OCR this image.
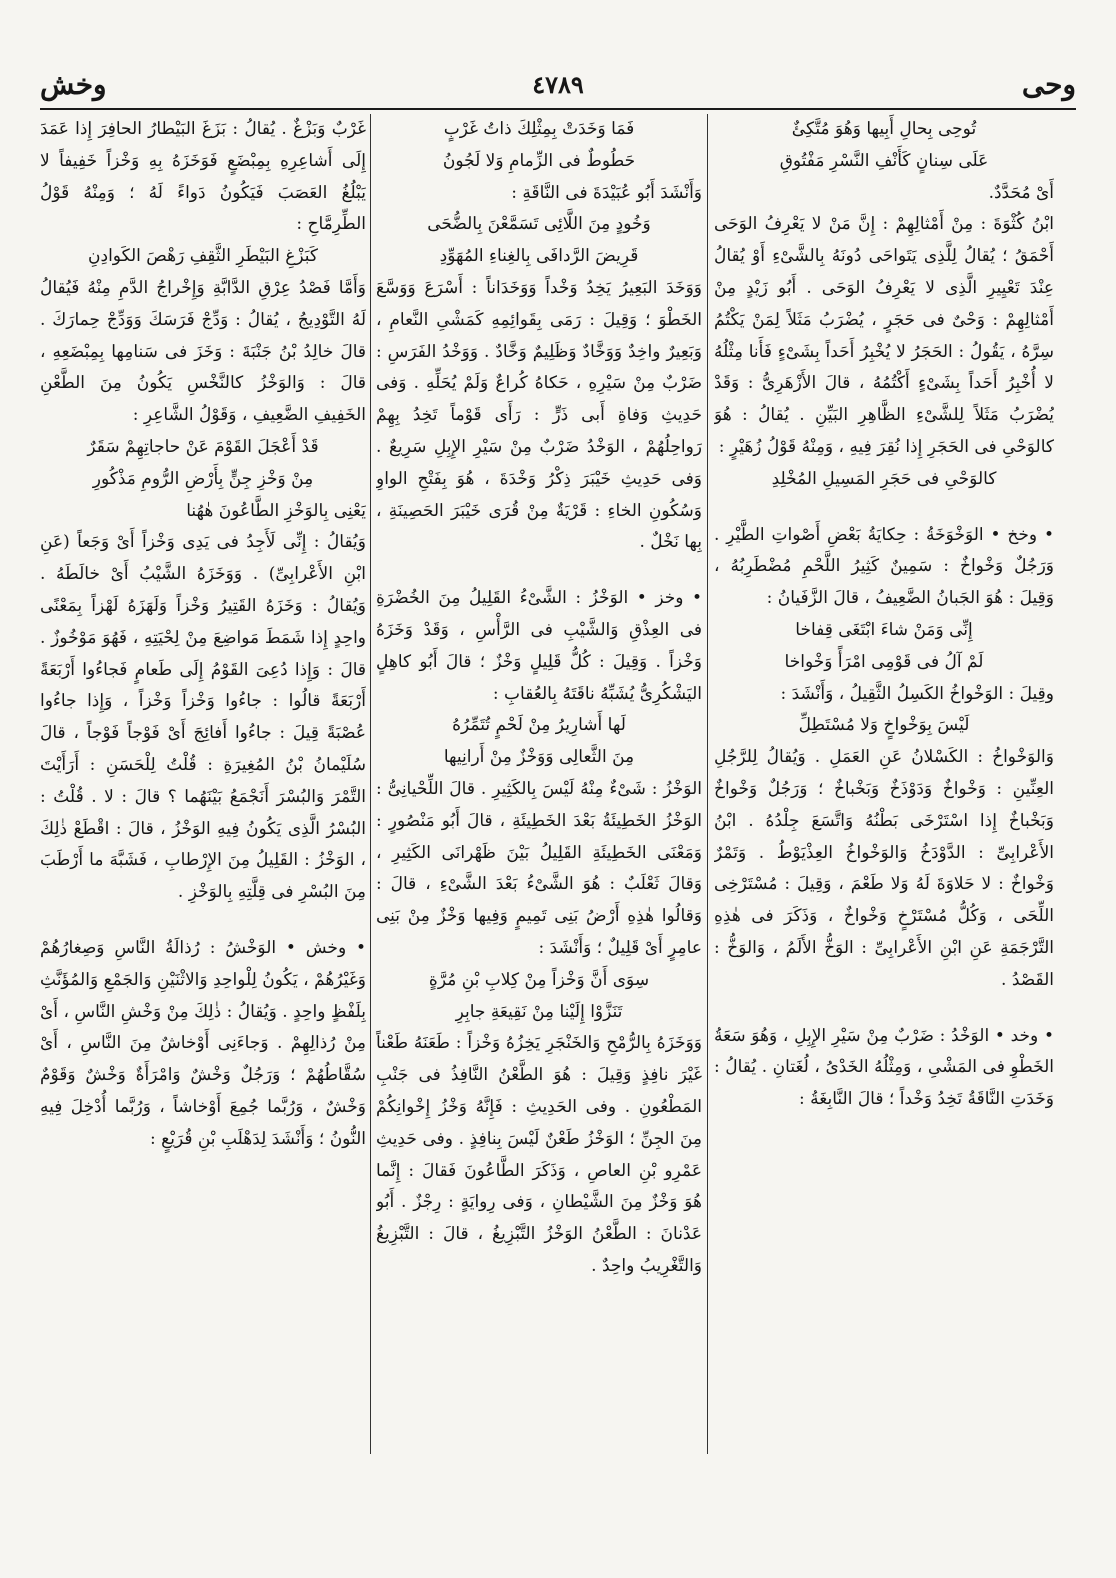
وحى
٤٧٨٩
وخش

تُوحِى بِحالِ أَبِيها وَهُوَ مُتَّكِئٌ

عَلَى سِنانٍ كَأَنْفِ النَّسْرِ مَفْتُوقِ

أَىْ مُحَدَّدٌ.

ابْنُ كُثْوَةَ : مِنْ أَمْثالِهِمْ : إِنَّ مَنْ لا يَعْرِفُ الوَحَى أَحْمَقُ ؛ يُقالُ لِلَّذِى يَتَواحَى دُونَهُ بِالشَّىْءِ أَوْ يُقالُ عِنْدَ تَعْيِيرِ الَّذِى لا يَعْرِفُ الوَحَى . أَبُو زَيْدٍ مِنْ أَمْثالِهِمْ : وَحْىٌ فى حَجَرٍ ، يُضْرَبُ مَثَلاً لِمَنْ يَكْتُمُ سِرَّهُ ، يَقُولُ : الحَجَرُ لا يُخْبِرُ أَحَداً بِشَىْءٍ فَأَنا مِثْلُهُ لا أُخْبِرُ أَحَداً بِشَىْءٍ أَكْتُمُهُ ، قالَ الأَزْهَرِىُّ : وَقَدْ يُضْرَبُ مَثَلاً لِلشَّىْءِ الظَّاهِرِ البَيِّنِ . يُقالُ : هُوَ كالوَحْىِ فى الحَجَرِ إِذا نُقِرَ فِيهِ ، وَمِنْهُ قَوْلُ زُهَيْرٍ :

كالوَحْىِ فى حَجَرِ المَسِيلِ المُخْلِدِ

• وخخ • الوَخْوَخَةُ : حِكايَةُ بَعْضِ أَصْواتِ الطَّيْرِ . وَرَجُلٌ وَخْواخٌ : سَمِينٌ كَثِيرُ اللَّحْمِ مُضْطَرِبُهُ ، وَقِيلَ : هُوَ الجَبانُ الضَّعِيفُ ، قالَ الزَّفَيانُ :

إِنِّى وَمَنْ شاءَ ابْتَغَى قِفاخا

لَمْ آلُ فى قَوْمِى امْرَأً وَخْواخا

وقِيلَ : الوَخْواخُ الكَسِلُ الثَّقِيلُ ، وَأَنْشَدَ :

لَيْسَ بِوَخْواخٍ وَلا مُسْتَطِلِّ

وَالوَخْواخُ : الكَسْلانُ عَنِ العَمَلِ . وَيُقالُ لِلرَّجُلِ العِنِّينِ : وَخْواخٌ وَدَوْذَخٌ وَبَخْباخٌ ؛ وَرَجُلٌ وَخْواخٌ وَبَخْباخٌ إِذا اسْتَرْخَى بَطْنُهُ وَاتَّسَعَ جِلْدُهُ . ابْنُ الأَعْرابِىِّ : الدَّوْدَخُ وَالوَخْواخُ العِذْيَوْطُ . وَتَمْرٌ وَخْواخٌ : لا حَلاوَةَ لَهُ وَلا طَعْمَ ، وَقِيلَ : مُسْتَرْخِى اللِّحَى ، وَكُلُّ مُسْتَرْخٍ وَخْواخٌ ، وَذَكَرَ فى هٰذِهِ التَّرْجَمَةِ عَنِ ابْنِ الأَعْرابِىِّ : الوَخُّ الأَلَمُ ، وَالوَخُّ : القَصْدُ .

• وخد • الوَخْدُ : ضَرْبٌ مِنْ سَيْرِ الإِبِلِ ، وَهُوَ سَعَةُ الخَطْوِ فى المَشْىِ ، وَمِثْلُهُ الخَدْىُ ، لُغَتانِ . يُقالُ : وَخَدَتِ النَّاقَةُ تَخِدُ وَخْداً ؛ قالَ النَّابِغَةُ :

فَمَا وَخَدَتْ بِمِثْلِكَ ذاتُ غَرْبٍ

حَطُوطٌ فى الزِّمامِ وَلا لَجُونُ

وَأَنْشَدَ أَبُو عُبَيْدَةَ فى النَّاقَةِ :

وَخُودٍ مِنَ اللَّائِى تَسَمَّعْنَ بِالضُّحَى

قَرِيضَ الرَّدافَى بِالغِناءِ المُهَوِّدِ

وَوَخَدَ البَعِيرُ يَخِدُ وَخْداً وَوَخَدَاناً : أَسْرَعَ وَوَسَّعَ الخَطْوَ ؛ وَقِيلَ : رَمَى بِقَوائِمِهِ كَمَشْىِ النَّعامِ ، وَبَعِيرٌ واخِدٌ وَوَخَّادٌ وَظَلِيمٌ وَخَّادٌ . وَوَخْدُ الفَرَسِ : ضَرْبٌ مِنْ سَيْرِهِ ، حَكاهُ كُراعٌ وَلَمْ يُحَلِّهِ . وَفى حَدِيثِ وَفاةِ أَبى ذَرٍّ : رَأَى قَوْماً تَخِدُ بِهِمْ رَواحِلُهُمْ ، الوَخْدُ ضَرْبٌ مِنْ سَيْرِ الإِبِلِ سَرِيعٌ . وَفى حَدِيثِ خَيْبَرَ ذِكْرُ وَخْدَةَ ، هُوَ بِفَتْحِ الواوِ وَسُكُونِ الخاءِ : قَرْيَةٌ مِنْ قُرَى خَيْبَرَ الحَصِينَةِ ، بِها نَخْلٌ .

• وخز • الوَخْزُ : الشَّىْءُ القَلِيلُ مِنَ الخُضْرَةِ فى العِذْقِ وَالشَّيْبِ فى الرَّأْسِ ، وَقَدْ وَخَزَهُ وَخْزاً . وَقِيلَ : كُلُّ قَلِيلٍ وَخْزٌ ؛ قالَ أَبُو كاهِلٍ اليَشْكُرِىُّ يُشَبِّهُ ناقَتَهُ بِالعُقابِ :

لَها أَشارِيرُ مِنْ لَحْمٍ تُتَمِّرُهُ

مِنَ الثَّعالِى وَوَخْزٌ مِنْ أَرانِيها

الوَخْزُ : شَىْءٌ مِنْهُ لَيْسَ بِالكَثِيرِ . قالَ اللِّحْيانِىُّ : الوَخْزُ الخَطِيئَةُ بَعْدَ الخَطِيئَةِ ، قالَ أَبُو مَنْصُورٍ : وَمَعْنَى الخَطِيئَةِ القَلِيلُ بَيْنَ ظَهْرانَى الكَثِيرِ ، وَقالَ ثَعْلَبٌ : هُوَ الشَّىْءُ بَعْدَ الشَّىْءِ ، قالَ : وَقالُوا هٰذِهِ أَرْضُ بَنِى تَمِيمٍ وَفِيها وَخْزٌ مِنْ بَنِى عامِرٍ أَىْ قَلِيلٌ ؛ وَأَنْشَدَ :

سِوَى أَنَّ وَخْزاً مِنْ كِلابِ بْنِ مُرَّةٍ

تَنَزَّوْا إِلَيْنا مِنْ نَقِيعَةِ جابِرِ

وَوَخَزَهُ بِالرُّمْحِ وَالخَنْجَرِ يَخِزُهُ وَخْزاً : طَعَنَهُ طَعْناً غَيْرَ نافِذٍ وَقِيلَ : هُوَ الطَّعْنُ النَّافِذُ فى جَنْبِ المَطْعُونِ . وفى الحَدِيثِ : فَإِنَّهُ وَخْزُ إِخْوانِكُمْ مِنَ الجِنِّ ؛ الوَخْزُ طَعْنٌ لَيْسَ بِنافِذٍ . وفى حَدِيثِ عَمْرِو بْنِ العاصِ ، وَذَكَرَ الطَّاعُونَ فَقالَ : إِنَّما هُوَ وَخْزٌ مِنَ الشَّيْطانِ ، وَفى رِوايَةٍ : رِجْزٌ . أَبُو عَدْنانَ : الطَّعْنُ الوَخْزُ التَّبْزِيغُ ، قالَ : التَّبْزِيغُ وَالتَّغْرِيبُ واحِدٌ .

غَرْبٌ وَبَزْغٌ . يُقالُ : بَزَغَ البَيْطارُ الحافِرَ إِذا عَمَدَ إِلَى أَشاعِرِهِ بِمِبْضَعٍ فَوَخَزَهُ بِهِ وَخْزاً خَفِيفاً لا يَبْلُغُ العَصَبَ فَيَكُونُ دَواءً لَهُ ؛ وَمِنْهُ قَوْلُ الطِّرِمَّاحِ :

كَبَزْغِ البَيْطَرِ الثَّقِفِ رَهْصَ الكَوادِنِ

وَأَمَّا فَصْدُ عِرْقِ الدَّابَّةِ وَإِخْراجُ الدَّمِ مِنْهُ فَيُقالُ لَهُ التَّوْدِيجُ ، يُقالُ : وَدِّجْ فَرَسَكَ وَوَدِّجْ حِمارَكَ . قالَ خالِدُ بْنُ جَنْبَةَ : وَخَزَ فى سَنامِها بِمِبْضَعِهِ ، قالَ : وَالوَخْزُ كالنَّخْسِ يَكُونُ مِنَ الطَّعْنِ الخَفِيفِ الضَّعِيفِ ، وَقَوْلُ الشَّاعِرِ :

قَدْ أَعْجَلَ القَوْمَ عَنْ حاجاتِهِمْ سَقَرٌ

مِنْ وَخْزِ جِنٍّ بِأَرْضِ الرُّومِ مَذْكُورِ

يَعْنِى بِالوَخْزِ الطَّاعُونَ هٰهُنا

وَيُقالُ : إِنِّى لَأَجِدُ فى يَدِى وَخْزاً أَىْ وَجَعاً (عَنِ ابْنِ الأَعْرابِىِّ) . وَوَخَزَهُ الشَّيْبُ أَىْ خالَطَهُ . وَيُقالُ : وَخَزَهُ القَتِيرُ وَخْزاً وَلَهَزَهُ لَهْزاً بِمَعْنًى واحِدٍ إِذا شَمَطَ مَواضِعَ مِنْ لِحْيَتِهِ ، فَهُوَ مَوْخُوزٌ . قالَ : وَإِذا دُعِىَ القَوْمُ إِلَى طَعامٍ فَجاءُوا أَرْبَعَةً أَرْبَعَةً قالُوا : جاءُوا وَخْزاً وَخْزاً ، وَإِذا جاءُوا عُصْبَةً قِيلَ : جاءُوا أَفائِجَ أَىْ فَوْجاً فَوْجاً ، قالَ سُلَيْمانُ بْنُ المُغِيرَةِ : قُلْتُ لِلْحَسَنِ : أَرَأَيْتَ التَّمْرَ وَالبُسْرَ أَنَجْمَعُ بَيْنَهُما ؟ قالَ : لا . قُلْتُ : البُسْرُ الَّذِى يَكُونُ فِيهِ الوَخْزُ ، قالَ : اقْطَعْ ذٰلِكَ ، الوَخْزُ : القَلِيلُ مِنَ الإِرْطابِ ، فَشَبَّهَ ما أَرْطَبَ مِنَ البُسْرِ فى قِلَّتِهِ بِالوَخْزِ .

• وخش • الوَخْشُ : رُذالَةُ النَّاسِ وَصِغارُهُمْ وَغَيْرُهُمْ ، يَكُونُ لِلْواحِدِ وَالاثْنَيْنِ وَالجَمْعِ وَالمُؤَنَّثِ بِلَفْظٍ واحِدٍ . وَيُقالُ : ذٰلِكَ مِنْ وَخْشِ النَّاسِ ، أَىْ مِنْ رُذالِهِمْ . وَجاءَنِى أَوْخاشٌ مِنَ النَّاسِ ، أَىْ سُقَّاطُهُمْ ؛ وَرَجُلٌ وَخْشٌ وَامْرَأَةٌ وَخْشٌ وَقَوْمٌ وَخْشٌ ، وَرُبَّما جُمِعَ أَوْخاشاً ، وَرُبَّما أُدْخِلَ فِيهِ النُّونُ ؛ وَأَنْشَدَ لِدَهْلَبِ بْنِ قُرَيْعٍ :
